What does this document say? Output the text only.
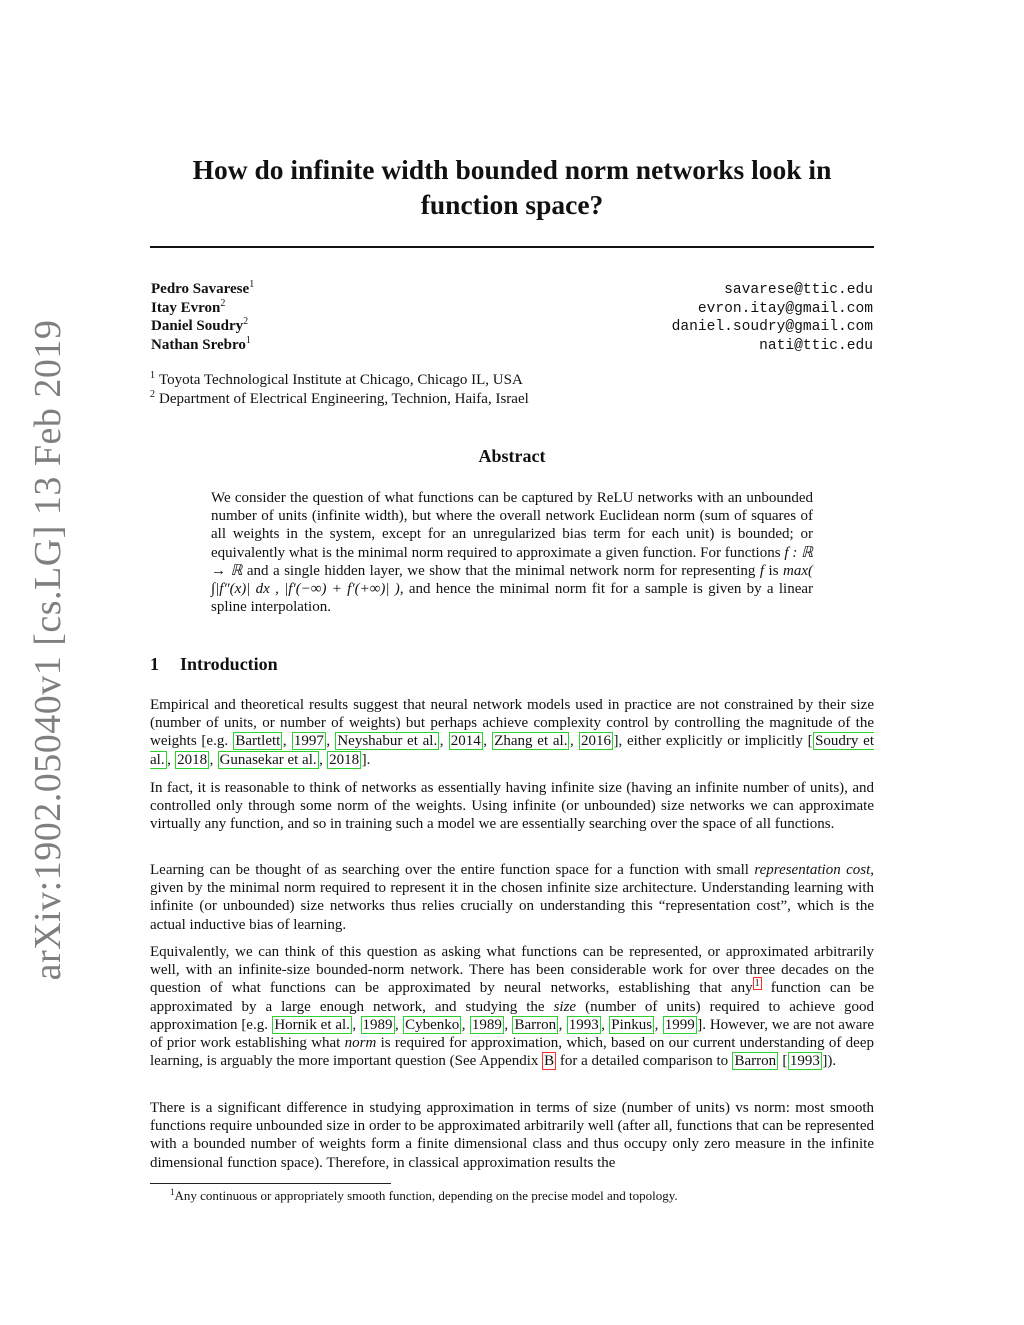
arXiv:1902.05040v1 [cs.LG] 13 Feb 2019
How do infinite width bounded norm networks look in function space?
Pedro Savarese$^1$	savarese@ttic.edu
Itay Evron$^2$	evron.itay@gmail.com
Daniel Soudry$^2$	daniel.soudry@gmail.com
Nathan Srebro$^1$	nati@ttic.edu
$^1$ Toyota Technological Institute at Chicago, Chicago IL, USA
$^2$ Department of Electrical Engineering, Technion, Haifa, Israel
Abstract
We consider the question of what functions can be captured by ReLU networks with an unbounded number of units (infinite width), but where the overall network Euclidean norm (sum of squares of all weights in the system, except for an unregularized bias term for each unit) is bounded; or equivalently what is the minimal norm required to approximate a given function. For functions f : ℝ → ℝ and a single hidden layer, we show that the minimal network norm for representing f is max( ∫|f″(x)| dx , |f′(−∞) + f′(+∞)| ), and hence the minimal norm fit for a sample is given by a linear spline interpolation.
1 Introduction
Empirical and theoretical results suggest that neural network models used in practice are not constrained by their size (number of units, or number of weights) but perhaps achieve complexity control by controlling the magnitude of the weights [e.g. Bartlett , 1997 , Neyshabur et al. , 2014 , Zhang et al. , 2016 ], either explicitly or implicitly [ Soudry et al. , 2018 , Gunasekar et al. , 2018 ].
In fact, it is reasonable to think of networks as essentially having infinite size (having an infinite number of units), and controlled only through some norm of the weights. Using infinite (or unbounded) size networks we can approximate virtually any function, and so in training such a model we are essentially searching over the space of all functions.
Learning can be thought of as searching over the entire function space for a function with small representation cost, given by the minimal norm required to represent it in the chosen infinite size architecture. Understanding learning with infinite (or unbounded) size networks thus relies crucially on understanding this “representation cost”, which is the actual inductive bias of learning.
Equivalently, we can think of this question as asking what functions can be represented, or approximated arbitrarily well, with an infinite-size bounded-norm network. There has been considerable work for over three decades on the question of what functions can be approximated by neural networks, establishing that any $^1$ function can be approximated by a large enough network, and studying the size (number of units) required to achieve good approximation [e.g. Hornik et al. , 1989 , Cybenko , 1989 , Barron , 1993 , Pinkus , 1999 ]. However, we are not aware of prior work establishing what norm is required for approximation, which, based on our current understanding of deep learning, is arguably the more important question (See Appendix B for a detailed comparison to Barron [ 1993 ]).
There is a significant difference in studying approximation in terms of size (number of units) vs norm: most smooth functions require unbounded size in order to be approximated arbitrarily well (after all, functions that can be represented with a bounded number of weights form a finite dimensional class and thus occupy only zero measure in the infinite dimensional function space). Therefore, in classical approximation results the
$^1$Any continuous or appropriately smooth function, depending on the precise model and topology.
